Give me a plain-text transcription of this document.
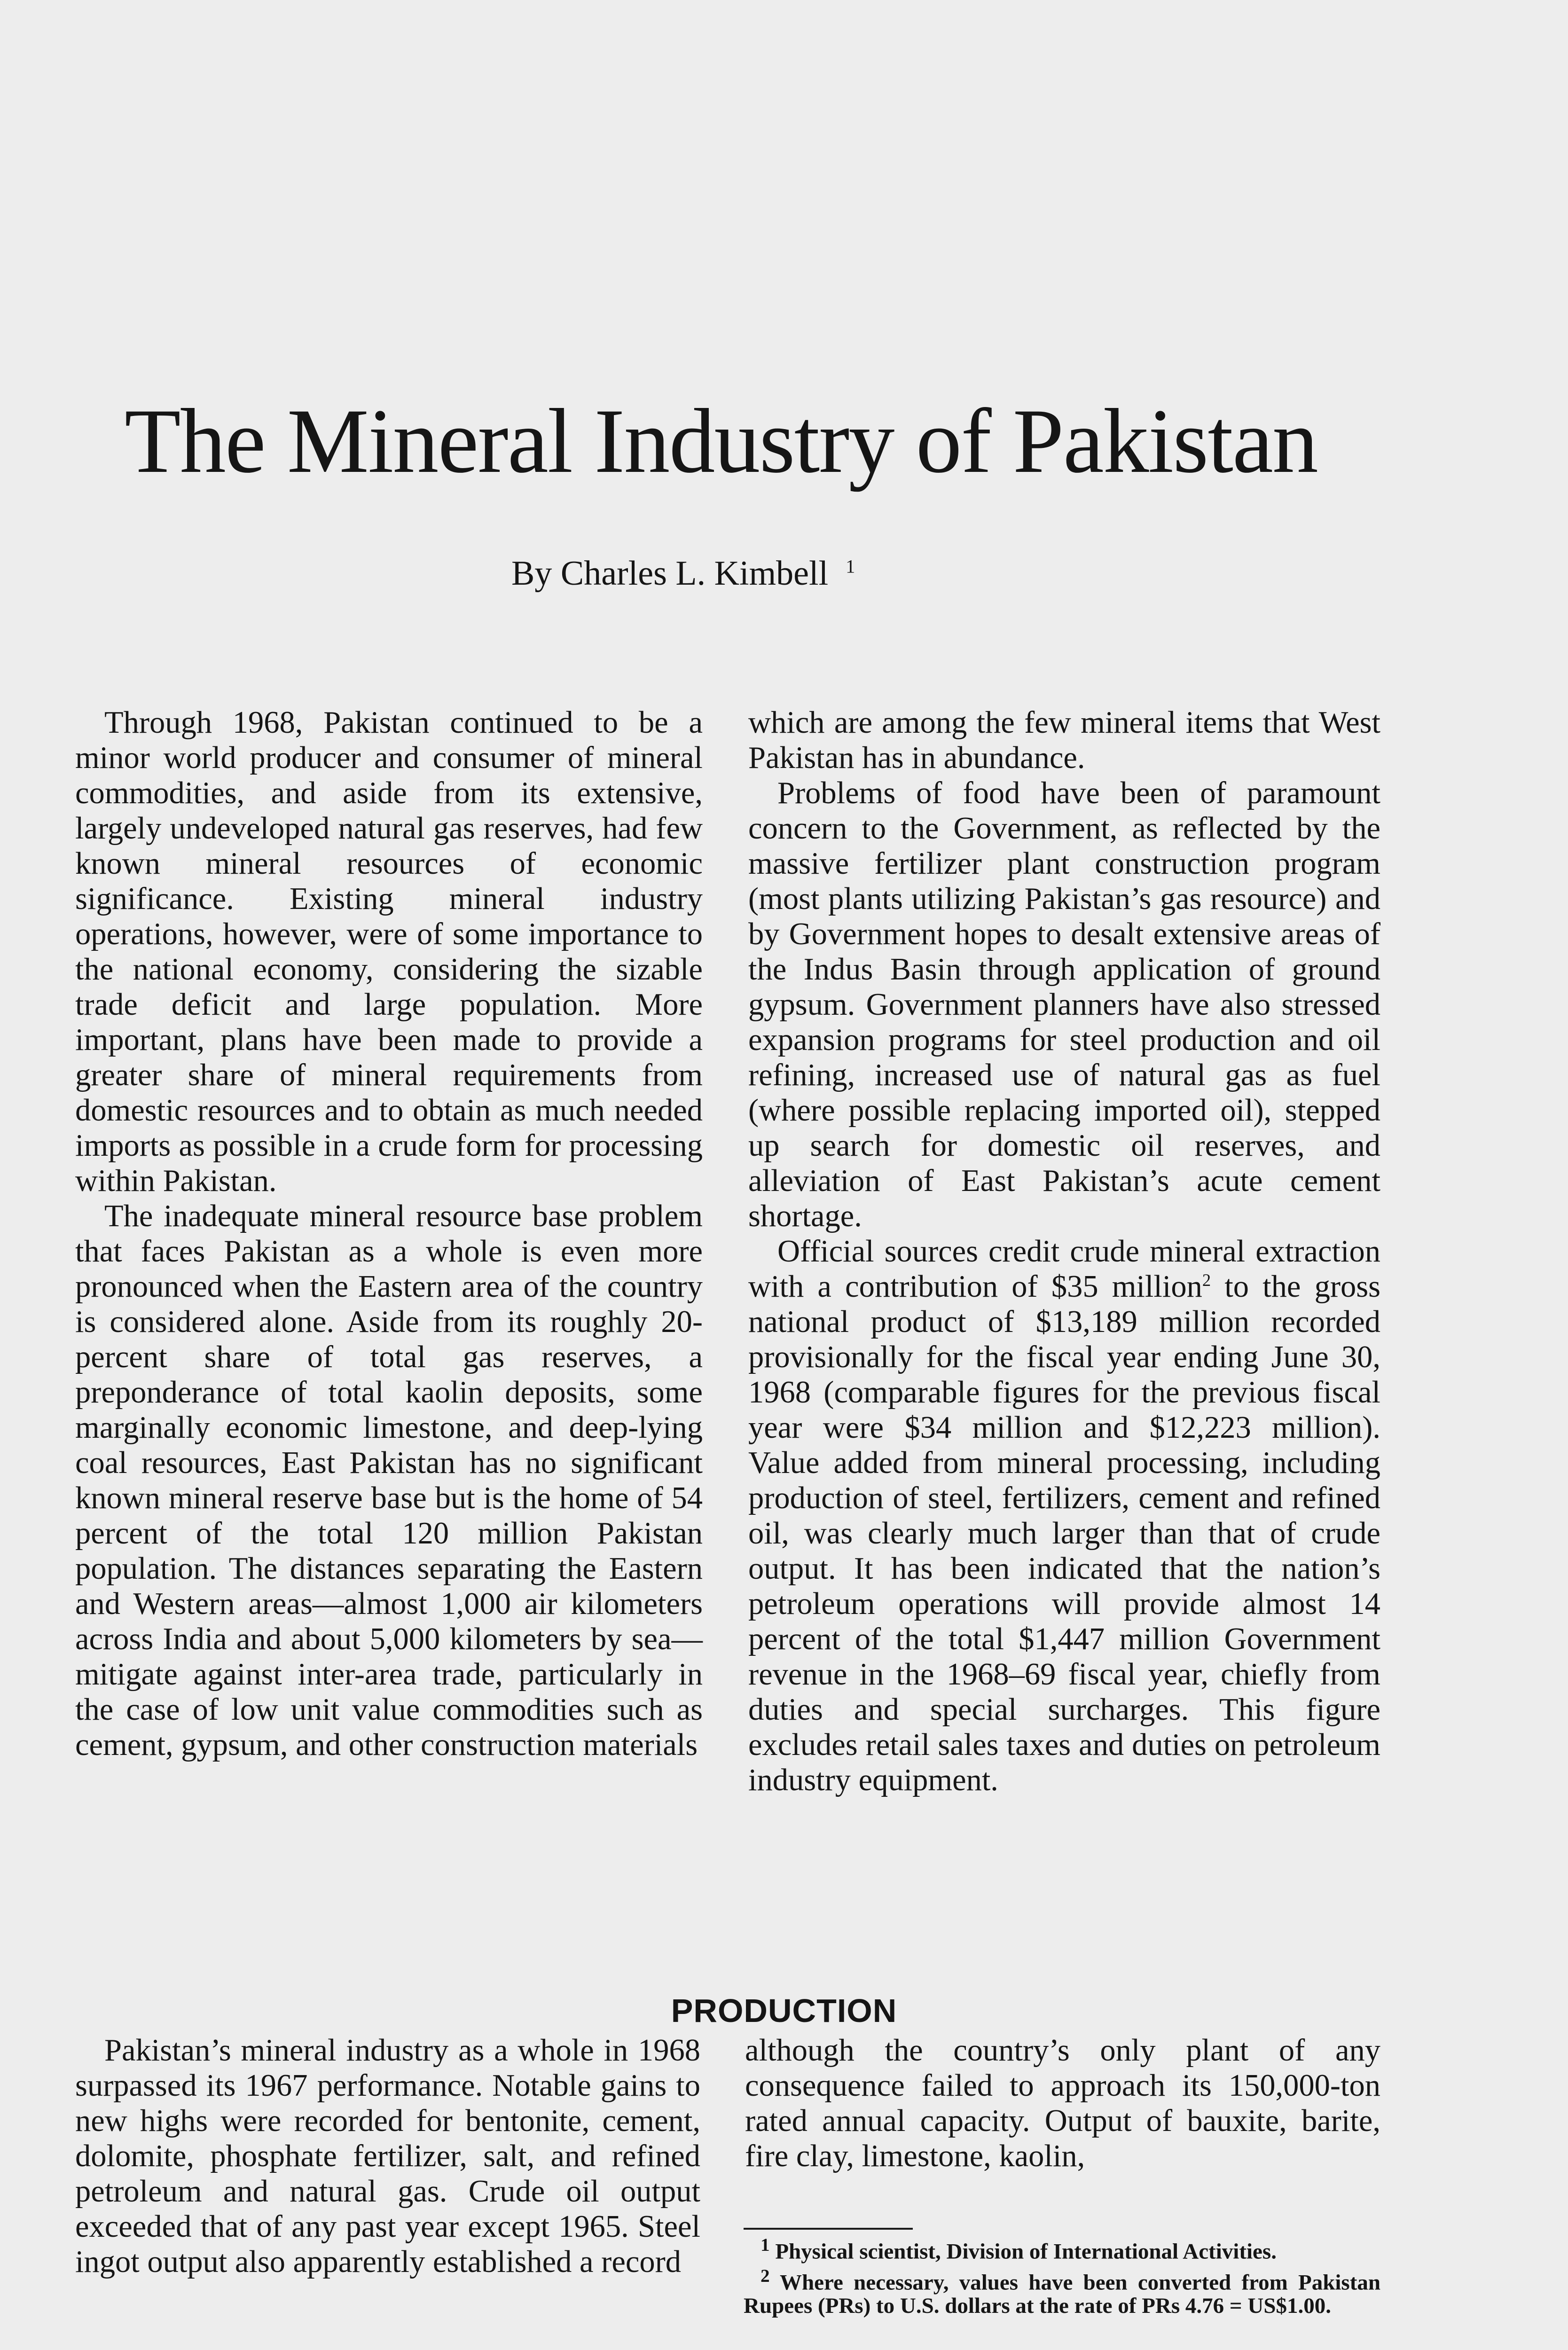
The Mineral Industry of Pakistan
By Charles L. Kimbell $^1$

Through 1968, Pakistan continued to be a minor world producer and consumer of mineral commodities, and aside from its extensive, largely undeveloped natural gas reserves, had few known mineral resources of economic significance. Existing mineral industry operations, however, were of some importance to the national economy, considering the sizable trade deficit and large population. More important, plans have been made to provide a greater share of mineral requirements from domestic resources and to obtain as much needed imports as possible in a crude form for processing within Pakistan.

The inadequate mineral resource base problem that faces Pakistan as a whole is even more pronounced when the Eastern area of the country is considered alone. Aside from its roughly 20-percent share of total gas reserves, a preponderance of total kaolin deposits, some marginally economic limestone, and deep-lying coal resources, East Pakistan has no significant known mineral reserve base but is the home of 54 percent of the total 120 million Pakistan population. The distances separating the Eastern and Western areas—almost 1,000 air kilometers across India and about 5,000 kilometers by sea—mitigate against inter-area trade, particularly in the case of low unit value commodities such as cement, gypsum, and other construction materials

which are among the few mineral items that West Pakistan has in abundance.

Problems of food have been of paramount concern to the Government, as reflected by the massive fertilizer plant construction program (most plants utilizing Pakistan’s gas resource) and by Government hopes to desalt extensive areas of the Indus Basin through application of ground gypsum. Government planners have also stressed expansion programs for steel production and oil refining, increased use of natural gas as fuel (where possible replacing imported oil), stepped up search for domestic oil reserves, and alleviation of East Pakistan’s acute cement shortage.

Official sources credit crude mineral extraction with a contribution of $35 million$^2$ to the gross national product of $13,189 million recorded provisionally for the fiscal year ending June 30, 1968 (comparable figures for the previous fiscal year were $34 million and $12,223 million). Value added from mineral processing, including production of steel, fertilizers, cement and refined oil, was clearly much larger than that of crude output. It has been indicated that the nation’s petroleum operations will provide almost 14 percent of the total $1,447 million Government revenue in the 1968–69 fiscal year, chiefly from duties and special surcharges. This figure excludes retail sales taxes and duties on petroleum industry equipment.

PRODUCTION

Pakistan’s mineral industry as a whole in 1968 surpassed its 1967 performance. Notable gains to new highs were recorded for bentonite, cement, dolomite, phosphate fertilizer, salt, and refined petroleum and natural gas. Crude oil output exceeded that of any past year except 1965. Steel ingot output also apparently established a record

although the country’s only plant of any consequence failed to approach its 150,000-ton rated annual capacity. Output of bauxite, barite, fire clay, limestone, kaolin,

$^1$ Physical scientist, Division of International Activities.

$^2$ Where necessary, values have been converted from Pakistan Rupees (PRs) to U.S. dollars at the rate of PRs 4.76 = US$1.00.
